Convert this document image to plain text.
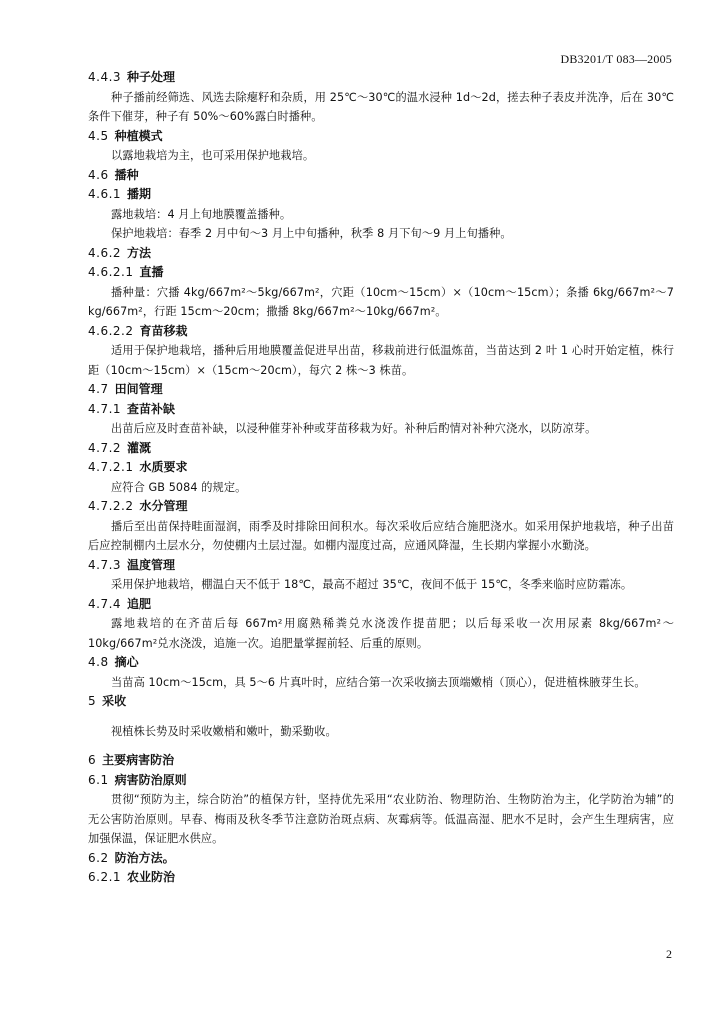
DB3201/T 083—2005
4.4.3 种子处理
种子播前经筛选、风选去除瘪籽和杂质，用 25℃～30℃的温水浸种 1d～2d，搓去种子表皮并洗净，后在 30℃条件下催芽，种子有 50%～60%露白时播种。
4.5 种植模式
以露地栽培为主，也可采用保护地栽培。
4.6 播种
4.6.1 播期
露地栽培：4 月上旬地膜覆盖播种。
保护地栽培：春季 2 月中旬～3 月上中旬播种，秋季 8 月下旬～9 月上旬播种。
4.6.2 方法
4.6.2.1 直播
播种量：穴播 4kg/667m²～5kg/667m²，穴距（10cm～15cm）×（10cm～15cm）；条播 6kg/667m²～7 kg/667m²，行距 15cm～20cm；撒播 8kg/667m²～10kg/667m²。
4.6.2.2 育苗移栽
适用于保护地栽培，播种后用地膜覆盖促进早出苗，移栽前进行低温炼苗，当苗达到 2 叶 1 心时开始定植，株行距（10cm～15cm）×（15cm～20cm），每穴 2 株～3 株苗。
4.7 田间管理
4.7.1 查苗补缺
出苗后应及时查苗补缺，以浸种催芽补种或芽苗移栽为好。补种后酌情对补种穴浇水，以防凉芽。
4.7.2 灌溉
4.7.2.1 水质要求
应符合 GB 5084 的规定。
4.7.2.2 水分管理
播后至出苗保持畦面湿润，雨季及时排除田间积水。每次采收后应结合施肥浇水。如采用保护地栽培，种子出苗后应控制棚内土层水分，勿使棚内土层过湿。如棚内湿度过高，应通风降湿，生长期内掌握小水勤浇。
4.7.3 温度管理
采用保护地栽培，棚温白天不低于 18℃，最高不超过 35℃，夜间不低于 15℃，冬季来临时应防霜冻。
4.7.4 追肥
露地栽培的在齐苗后每 667m²用腐熟稀粪兑水浇泼作提苗肥；以后每采收一次用尿素 8kg/667m²～10kg/667m²兑水浇泼，追施一次。追肥量掌握前轻、后重的原则。
4.8 摘心
当苗高 10cm～15cm，具 5～6 片真叶时，应结合第一次采收摘去顶端嫩梢（顶心），促进植株腋芽生长。
5 采收
视植株长势及时采收嫩梢和嫩叶，勤采勤收。
6 主要病害防治
6.1 病害防治原则
贯彻“预防为主，综合防治”的植保方针，坚持优先采用“农业防治、物理防治、生物防治为主，化学防治为辅”的无公害防治原则。早春、梅雨及秋冬季节注意防治斑点病、灰霉病等。低温高湿、肥水不足时，会产生生理病害，应加强保温，保证肥水供应。
6.2 防治方法。
6.2.1 农业防治
2
